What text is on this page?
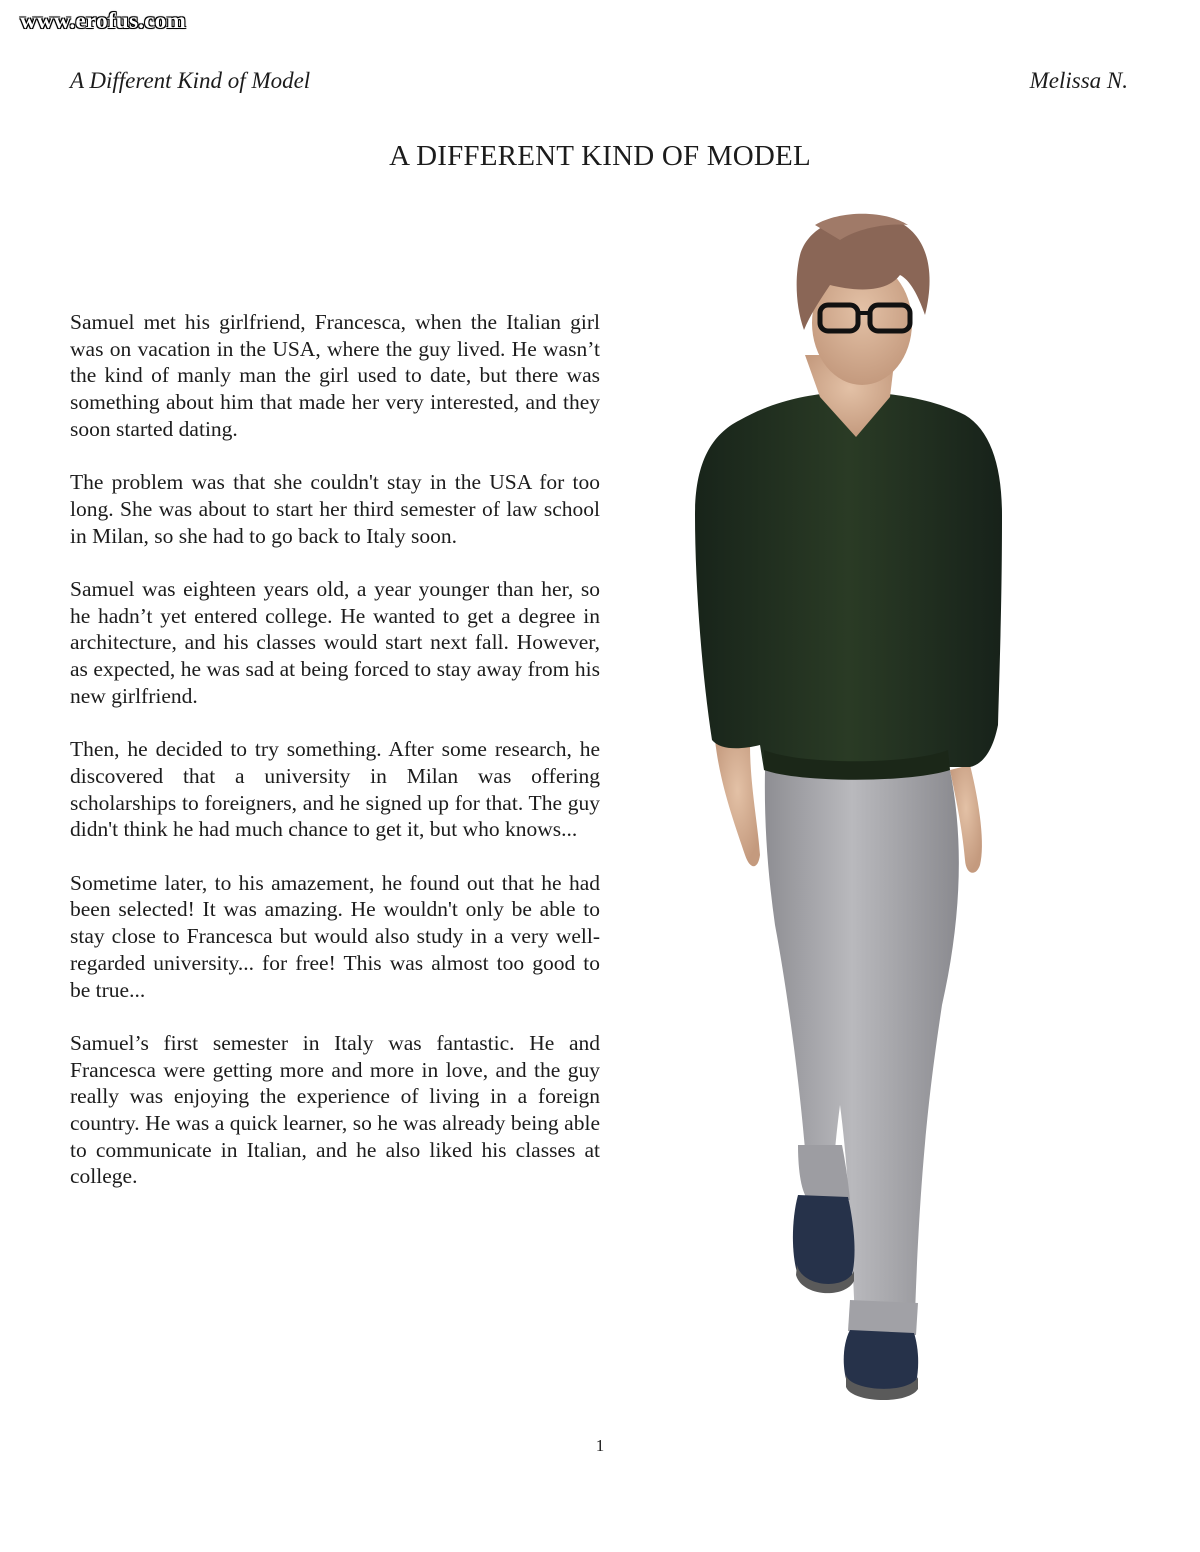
www.erofus.com
A Different Kind of Model	Melissa N.
A DIFFERENT KIND OF MODEL

Samuel met his girlfriend, Francesca, when the Italian girl was on vacation in the USA, where the guy lived. He wasn’t the kind of manly man the girl used to date, but there was something about him that made her very interested, and they soon started dating.

The problem was that she couldn't stay in the USA for too long. She was about to start her third semester of law school in Milan, so she had to go back to Italy soon.

Samuel was eighteen years old, a year younger than her, so he hadn’t yet entered college. He wanted to get a degree in architecture, and his classes would start next fall. However, as expected, he was sad at being forced to stay away from his new girlfriend.

Then, he decided to try something. After some research, he discovered that a university in Milan was offering scholarships to foreigners, and he signed up for that. The guy didn't think he had much chance to get it, but who knows...

Sometime later, to his amazement, he found out that he had been selected! It was amazing. He wouldn't only be able to stay close to Francesca but would also study in a very well-regarded university... for free! This was almost too good to be true...

Samuel’s first semester in Italy was fantastic. He and Francesca were getting more and more in love, and the guy really was enjoying the experience of living in a foreign country. He was a quick learner, so he was already being able to communicate in Italian, and he also liked his classes at college.

1
